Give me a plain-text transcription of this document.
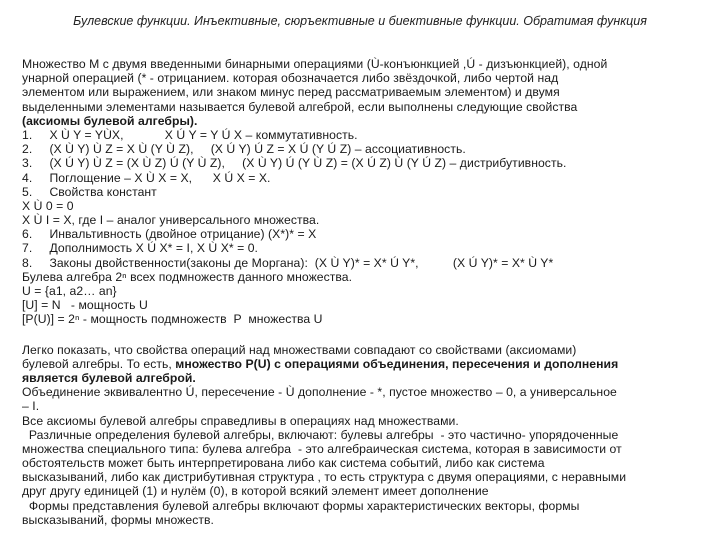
Булевские функции. Инъективные, сюръективные и биективные функции. Обратимая функция
Множество M с двумя введенными бинарными операциями (Ù-конъюнкцией ,Ú - дизъюнкцией), одной
унарной операцией (* - отрицанием. которая обозначается либо звёздочкой, либо чертой над
элементом или выражением, или знаком минус перед рассматриваемым элементом) и двумя
выделенными элементами называется булевой алгеброй, если выполнены следующие свойства
(аксиомы булевой алгебры).
1.     X Ù Y = YÙX,            X Ú Y = Y Ú X – коммутативность.
2.     (X Ù Y) Ù Z = X Ù (Y Ù Z),     (X Ú Y) Ú Z = X Ú (Y Ú Z) – ассоциативность.
3.     (X Ú Y) Ù Z = (X Ù Z) Ú (Y Ù Z),     (X Ù Y) Ú (Y Ù Z) = (X Ú Z) Ù (Y Ú Z) – дистрибутивность.
4.     Поглощение – X Ù X = X,      X Ú X = X.
5.     Свойства констант
X Ù 0 = 0
X Ù I = X, где I – аналог универсального множества.
6.     Инвальтивность (двойное отрицание) (X*)* = X
7.     Дополнимость X Ú X* = I, X Ù X* = 0.
8.     Законы двойственности(законы де Моргана):  (X Ù Y)* = X* Ú Y*,          (X Ú Y)* = X* Ù Y*
Булева алгебра 2ⁿ всех подмножеств данного множества.
U = {a1, a2… an}
[U] = N   - мощность U
[P(U)] = 2ⁿ - мощность подмножеств  P  множества U
Легко показать, что свойства операций над множествами совпадают со свойствами (аксиомами)
булевой алгебры. То есть, множество P(U) с операциями объединения, пересечения и дополнения
является булевой алгеброй.
Объединение эквивалентно Ú, пересечение - Ù дополнение - *, пустое множество – 0, а универсальное
– I.
Все аксиомы булевой алгебры справедливы в операциях над множествами.
Различные определения булевой алгебры, включают: булевы алгебры  - это частично- упорядоченные
множества специального типа: булева алгебра  - это алгебраическая система, которая в зависимости от
обстоятельств может быть интерпретирована либо как система событий, либо как система
высказываний, либо как дистрибутивная структура , то есть структура с двумя операциями, с неравными
друг другу единицей (1) и нулём (0), в которой всякий элемент имеет дополнение
Формы представления булевой алгебры включают формы характеристических векторы, формы
высказываний, формы множеств.
